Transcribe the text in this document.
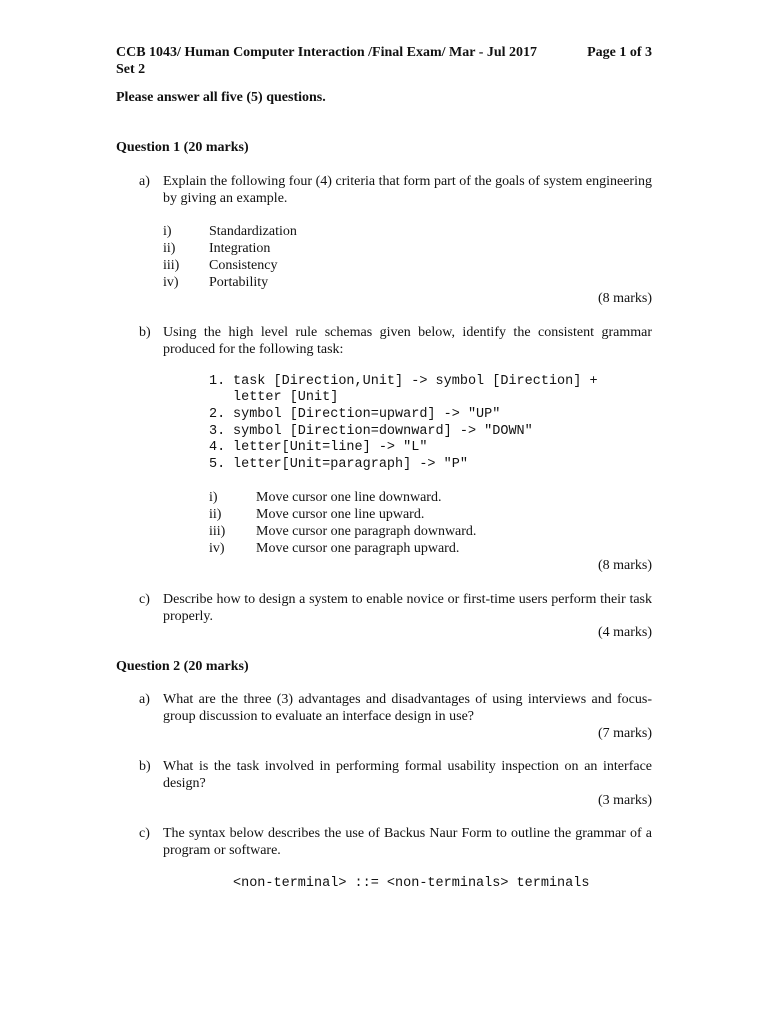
CCB 1043/ Human Computer Interaction /Final Exam/ Mar - Jul 2017	Page 1 of 3
Set 2
Please answer all five (5) questions.
Question 1 (20 marks)
a) Explain the following four (4) criteria that form part of the goals of system engineering by giving an example.
i)	Standardization
ii) Integration
iii) Consistency
iv) Portability
(8 marks)
b) Using the high level rule schemas given below, identify the consistent grammar produced for the following task:
1. task [Direction,Unit] -> symbol [Direction] +
letter [Unit]
2. symbol [Direction=upward] -> "UP"
3. symbol [Direction=downward] -> "DOWN"
4. letter[Unit=line] -> "L"
5. letter[Unit=paragraph] -> "P"
i)	Move cursor one line downward.
ii) Move cursor one line upward.
iii) Move cursor one paragraph downward.
iv) Move cursor one paragraph upward.
(8 marks)
c) Describe how to design a system to enable novice or first-time users perform their task properly.
(4 marks)
Question 2 (20 marks)
a) What are the three (3) advantages and disadvantages of using interviews and focus-group discussion to evaluate an interface design in use?
(7 marks)
b) What is the task involved in performing formal usability inspection on an interface design?
(3 marks)
c) The syntax below describes the use of Backus Naur Form to outline the grammar of a program or software.
<non-terminal> ::= <non-terminals> terminals
